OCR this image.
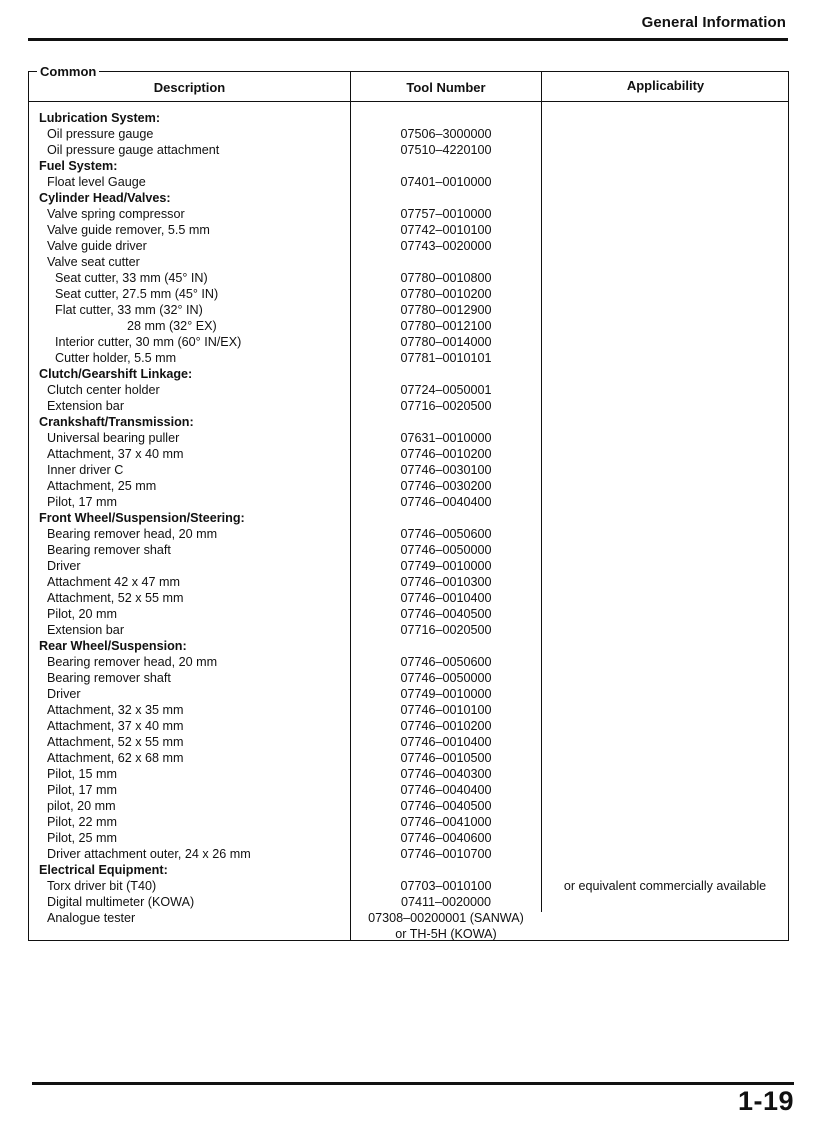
General Information
Common
Description	Tool Number	Applicability
Lubrication System:
Oil pressure gauge	07506–3000000
Oil pressure gauge attachment	07510–4220100
Fuel System:
Float level Gauge	07401–0010000
Cylinder Head/Valves:
Valve spring compressor	07757–0010000
Valve guide remover, 5.5 mm	07742–0010100
Valve guide driver	07743–0020000
Valve seat cutter
Seat cutter, 33 mm (45° IN)	07780–0010800
Seat cutter, 27.5 mm (45° IN)	07780–0010200
Flat cutter, 33 mm (32° IN)	07780–0012900
28 mm (32° EX)	07780–0012100
Interior cutter, 30 mm (60° IN/EX)	07780–0014000
Cutter holder, 5.5 mm	07781–0010101
Clutch/Gearshift Linkage:
Clutch center holder	07724–0050001
Extension bar	07716–0020500
Crankshaft/Transmission:
Universal bearing puller	07631–0010000
Attachment, 37 x 40 mm	07746–0010200
Inner driver C	07746–0030100
Attachment, 25 mm	07746–0030200
Pilot, 17 mm	07746–0040400
Front Wheel/Suspension/Steering:
Bearing remover head, 20 mm	07746–0050600
Bearing remover shaft	07746–0050000
Driver	07749–0010000
Attachment 42 x 47 mm	07746–0010300
Attachment, 52 x 55 mm	07746–0010400
Pilot, 20 mm	07746–0040500
Extension bar	07716–0020500
Rear Wheel/Suspension:
Bearing remover head, 20 mm	07746–0050600
Bearing remover shaft	07746–0050000
Driver	07749–0010000
Attachment, 32 x 35 mm	07746–0010100
Attachment, 37 x 40 mm	07746–0010200
Attachment, 52 x 55 mm	07746–0010400
Attachment, 62 x 68 mm	07746–0010500
Pilot, 15 mm	07746–0040300
Pilot, 17 mm	07746–0040400
pilot, 20 mm	07746–0040500
Pilot, 22 mm	07746–0041000
Pilot, 25 mm	07746–0040600
Driver attachment outer, 24 x 26 mm	07746–0010700
Electrical Equipment:
Torx driver bit (T40)	07703–0010100	or equivalent commercially available
Digital multimeter (KOWA)	07411–0020000
Analogue tester	07308–00200001 (SANWA)
or TH-5H (KOWA)
1-19
